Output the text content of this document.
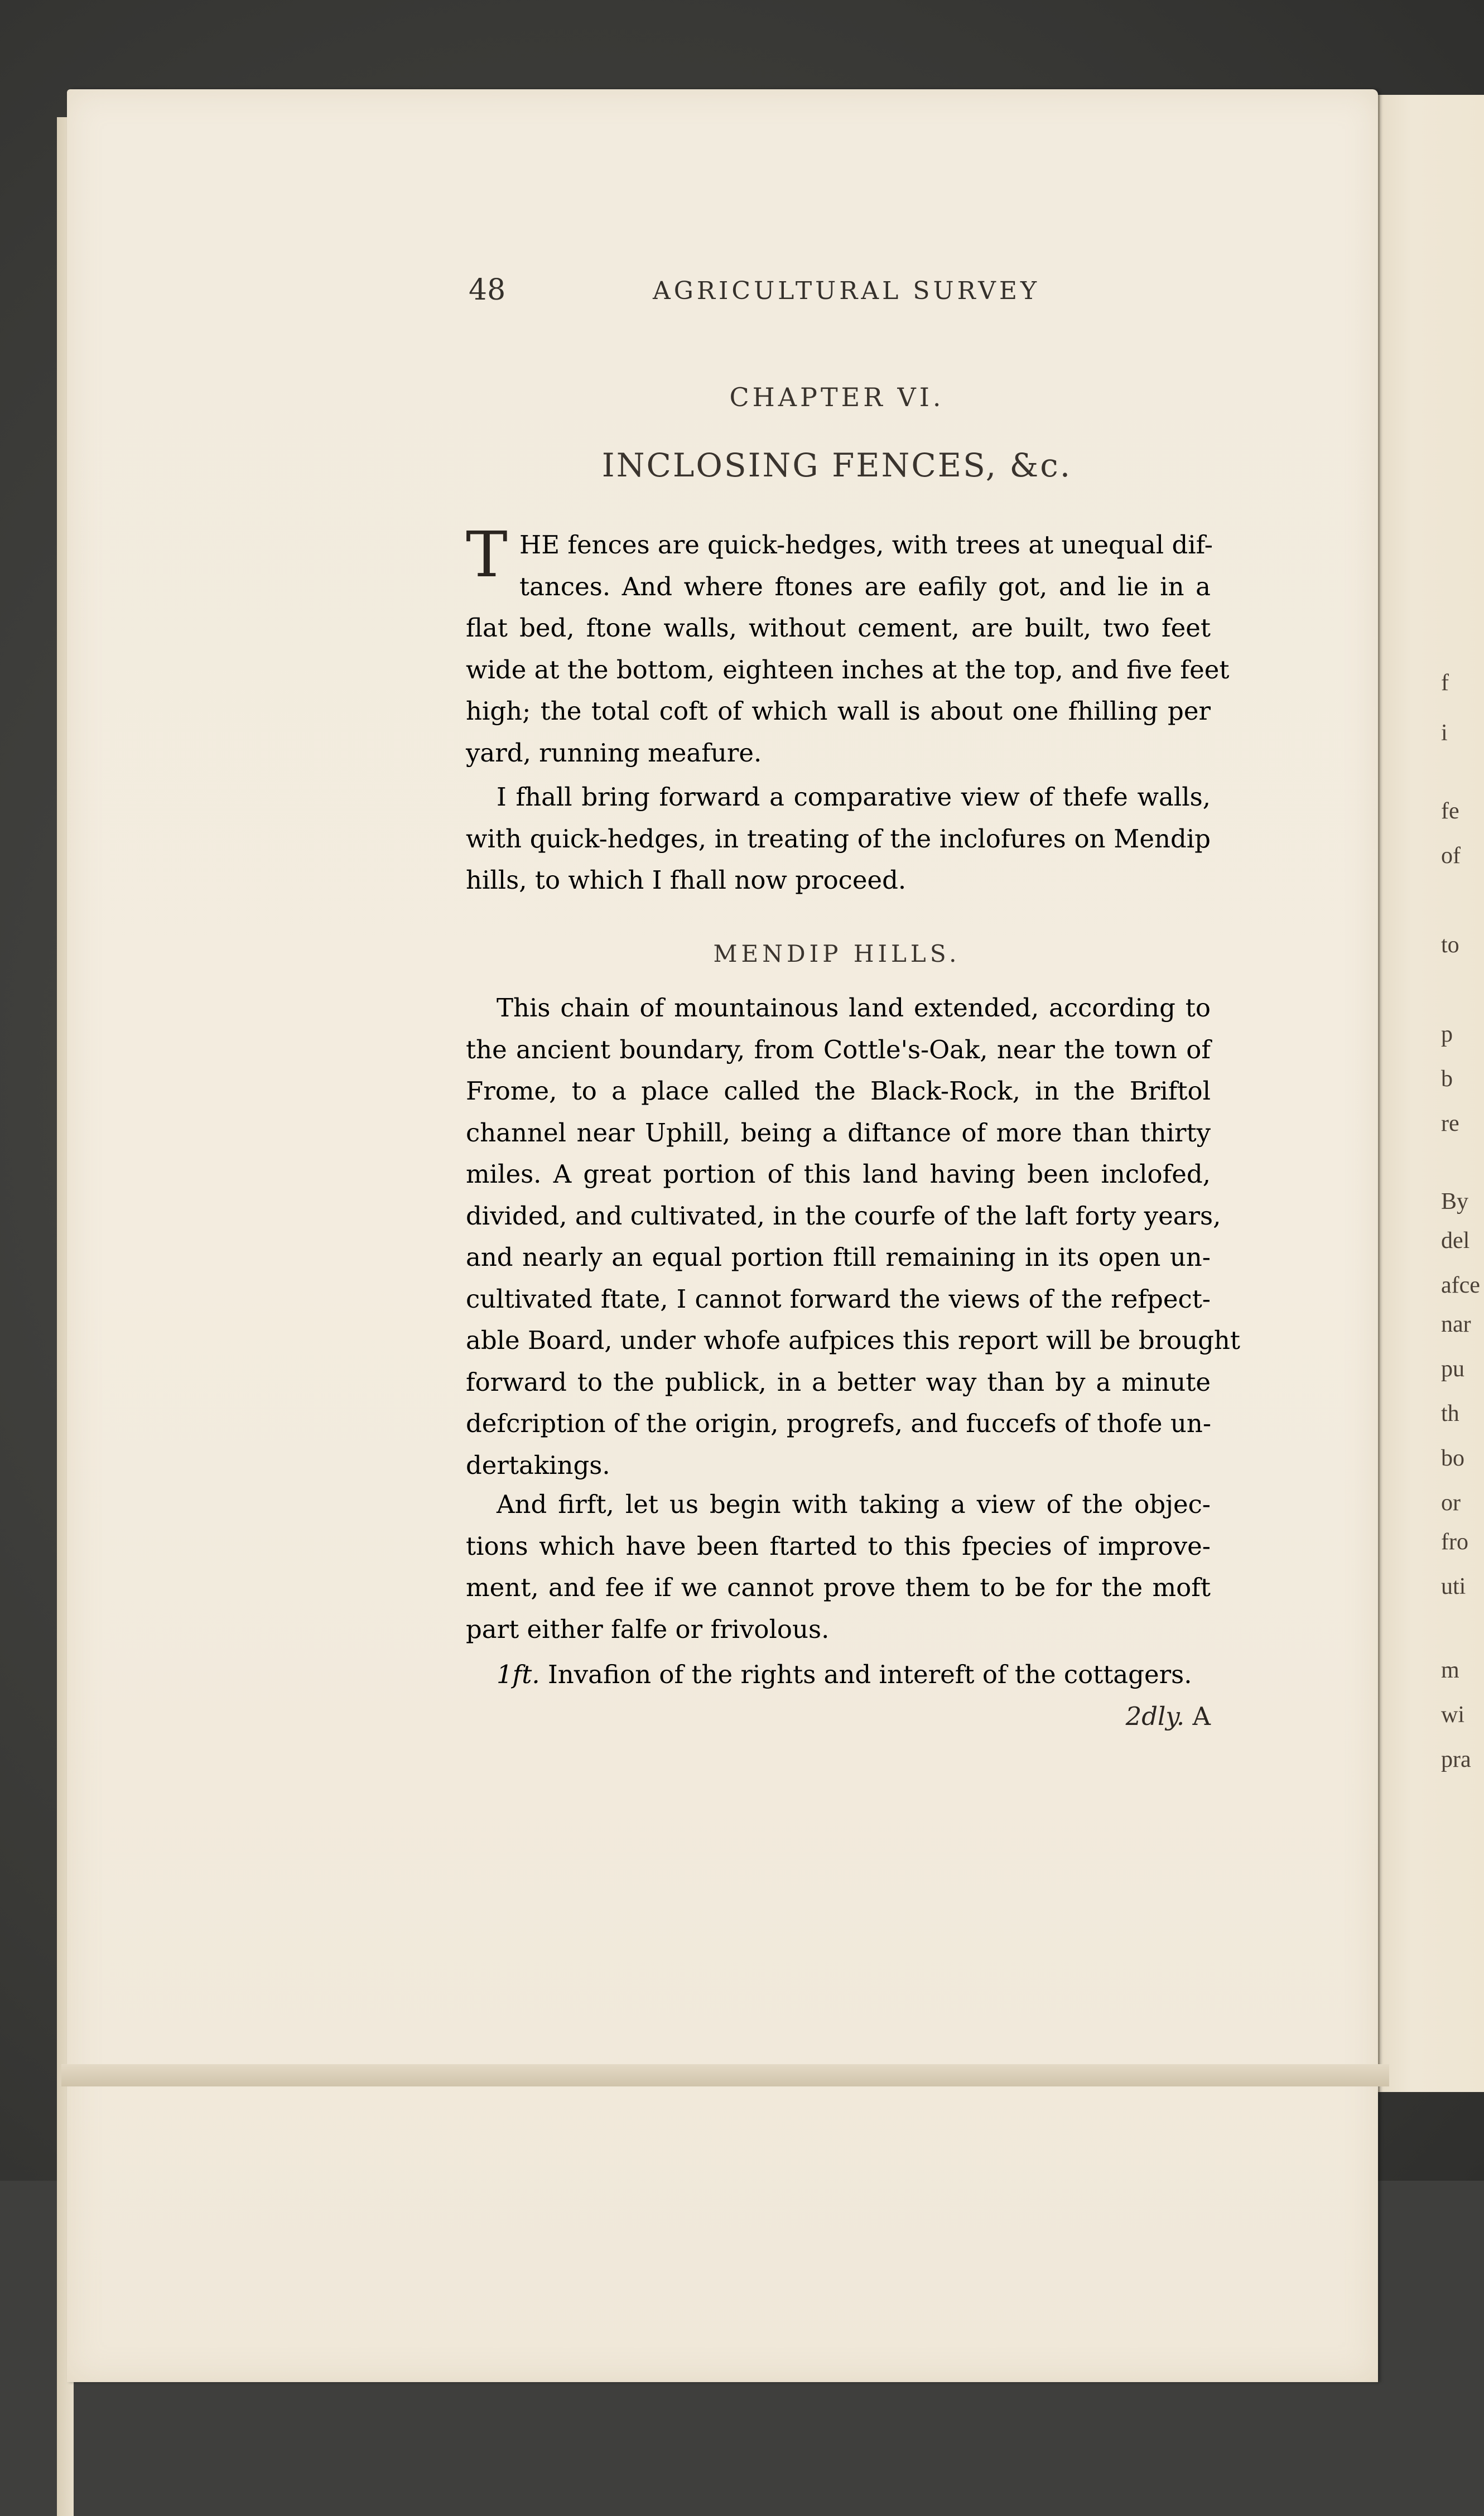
f
i
fe
of
to
p
b
re
By
del
afce
nar
pu
th
bo
or
fro
uti
m
wi
pra
48	AGRICULTURAL SURVEY
CHAPTER VI.
INCLOSING FENCES, &c.
T HE fences are quick-hedges, with trees at unequal dif-
tances. And where ftones are eafily got, and lie in a
flat bed, ftone walls, without cement, are built, two feet
wide at the bottom, eighteen inches at the top, and five feet
high; the total coft of which wall is about one fhilling per
yard, running meafure.
I fhall bring forward a comparative view of thefe walls,
with quick-hedges, in treating of the inclofures on Mendip
hills, to which I fhall now proceed.
MENDIP HILLS.
This chain of mountainous land extended, according to
the ancient boundary, from Cottle's-Oak, near the town of
Frome, to a place called the Black-Rock, in the Briftol
channel near Uphill, being a diftance of more than thirty
miles. A great portion of this land having been inclofed,
divided, and cultivated, in the courfe of the laft forty years,
and nearly an equal portion ftill remaining in its open un-
cultivated ftate, I cannot forward the views of the refpect-
able Board, under whofe aufpices this report will be brought
forward to the publick, in a better way than by a minute
defcription of the origin, progrefs, and fuccefs of thofe un-
dertakings.
And firft, let us begin with taking a view of the objec-
tions which have been ftarted to this fpecies of improve-
ment, and fee if we cannot prove them to be for the moft
part either falfe or frivolous.
1ft. Invafion of the rights and intereft of the cottagers.
2dly. A
